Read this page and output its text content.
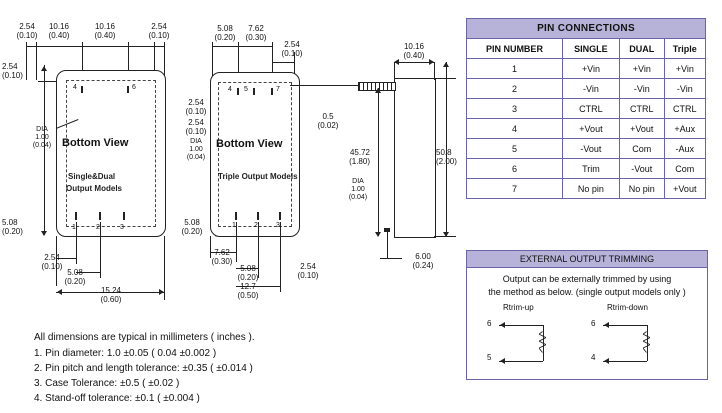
2.54
(0.10)
10.16
(0.40)
10.16
(0.40)
2.54
(0.10)
2.54
(0.10)
5.08
(0.20)
4	6
1	2	3
Bottom View
Single&Dual
Output Models
DIA
1.00
(0.04)
2.54
(0.10)
5.08
(0.20)
15.24
(0.60)
5.08
(0.20)
7.62
(0.30)
2.54
(0.10)
2.54
(0.10)
2.54
(0.10)
5.08
(0.20)
4 5	7
1	2	3
Bottom View
Triple Output Models
DIA
1.00
(0.04)
7.62
(0.30)
5.08
(0.20)
12.7
(0.50)
2.54
(0.10)
0.5
(0.02)
10.16
(0.40)
45.72
(1.80)
DIA
1.00
(0.04)
50.8
(2.00)
6.00
(0.24)
PIN CONNECTIONS			
PIN NUMBER	SINGLE	DUAL	Triple
1	+Vin	+Vin	+Vin
2	-Vin	-Vin	-Vin
3	CTRL	CTRL	CTRL
4	+Vout	+Vout	+Aux
5	-Vout	Com	-Aux
6	Trim	-Vout	Com
7	No pin	No pin	+Vout
EXTERNAL OUTPUT TRIMMING
Output can be externally trimmed by using
the method as below. (single output models only )
Rtrim-up	Rtrim-down
6
5
6
4
All dimensions are typical in millimeters ( inches ).
1. Pin diameter: 1.0 ±0.05 ( 0.04 ±0.002 )
2. Pin pitch and length tolerance: ±0.35 ( ±0.014 )
3. Case Tolerance: ±0.5 ( ±0.02 )
4. Stand-off tolerance: ±0.1 ( ±0.004 )
